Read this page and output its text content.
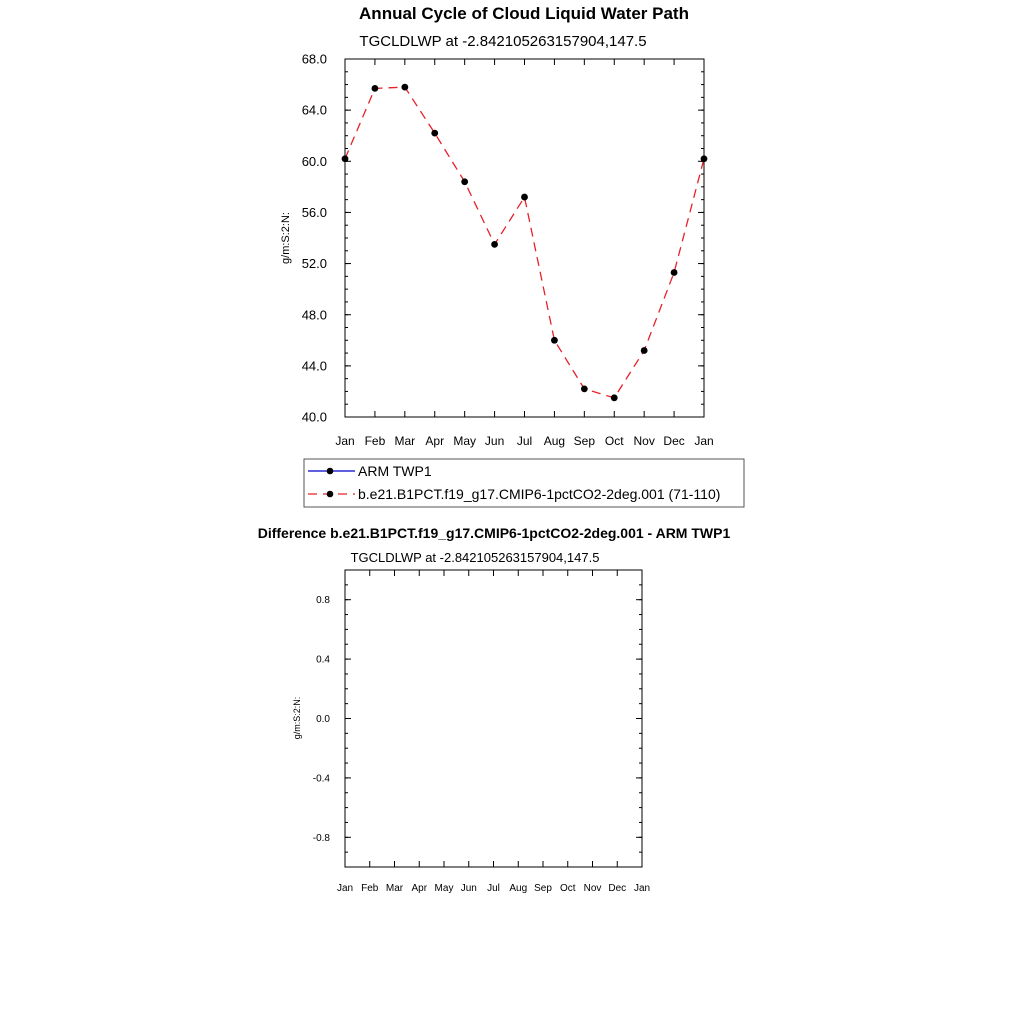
Annual Cycle of Cloud Liquid Water Path
TGCLDLWP at -2.842105263157904,147.5
g/m:S:2:N:
Jan Feb Mar Apr May Jun Jul Aug Sep Oct Nov Dec Jan
40.0
44.0
48.0
52.0
56.0
60.0
64.0
68.0
ARM TWP1
b.e21.B1PCT.f19_g17.CMIP6-1pctCO2-2deg.001 (71-110)
Difference b.e21.B1PCT.f19_g17.CMIP6-1pctCO2-2deg.001 - ARM TWP1
TGCLDLWP at -2.842105263157904,147.5
g/m:S:2:N:
Jan Feb Mar Apr May Jun Jul Aug Sep Oct Nov Dec Jan
-0.8
-0.4
0.0
0.4
0.8
